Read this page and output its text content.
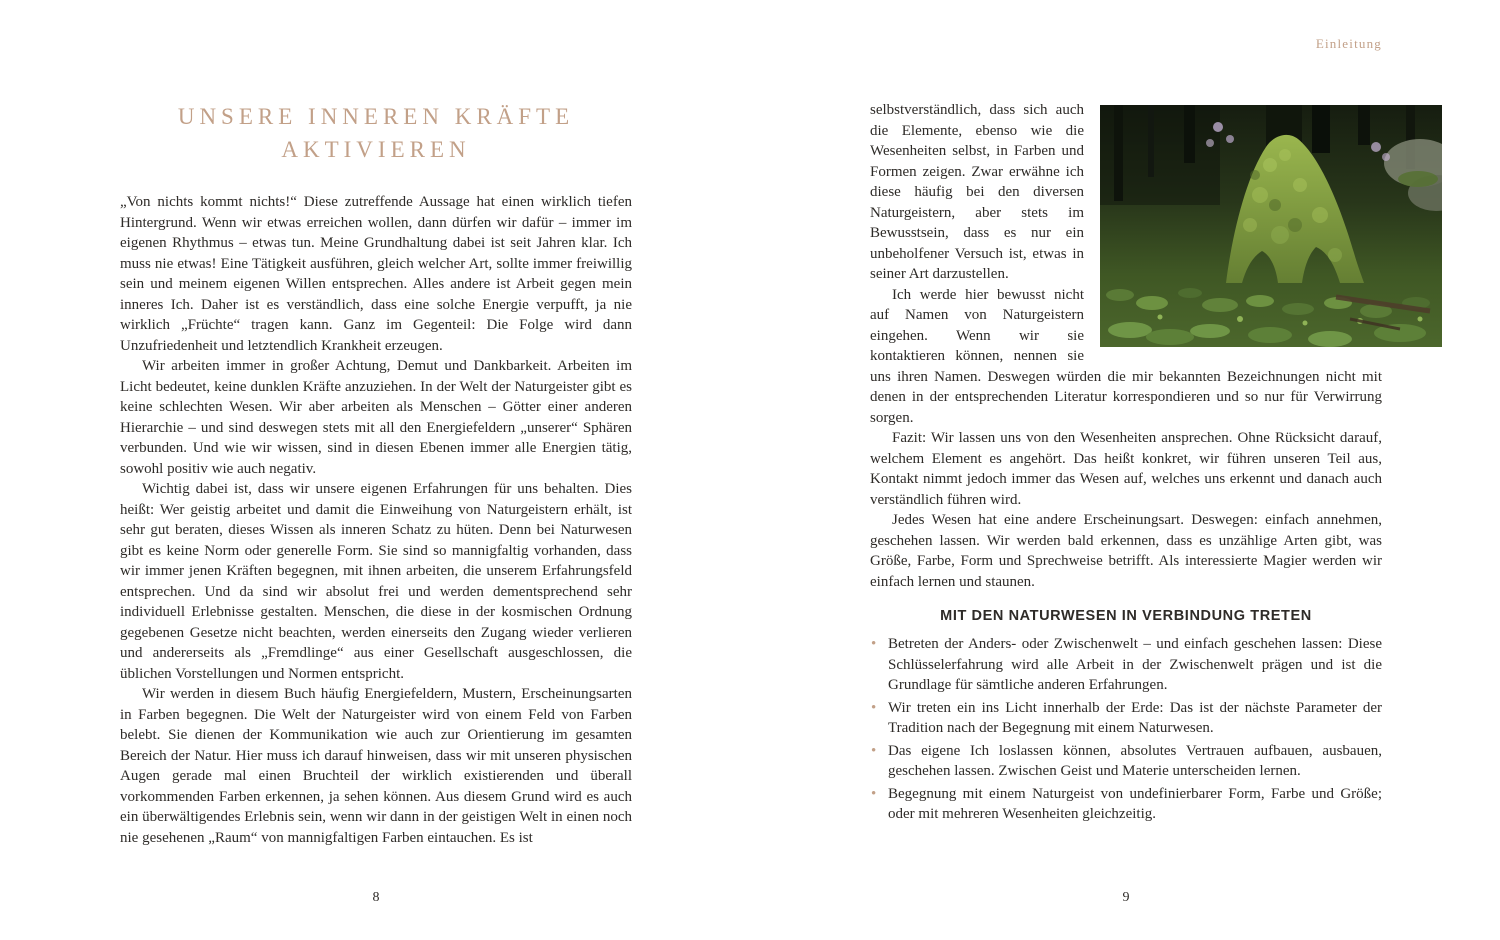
UNSERE INNEREN KRÄFTE
AKTIVIEREN

„Von nichts kommt nichts!“ Diese zutreffende Aussage hat einen wirklich tiefen Hintergrund. Wenn wir etwas erreichen wollen, dann dürfen wir dafür – immer im eigenen Rhythmus – etwas tun. Meine Grundhaltung dabei ist seit Jahren klar. Ich muss nie etwas! Eine Tätigkeit ausführen, gleich welcher Art, sollte immer freiwillig sein und meinem eigenen Willen entsprechen. Alles andere ist Arbeit gegen mein inneres Ich. Daher ist es verständlich, dass eine solche Energie verpufft, ja nie wirklich „Früchte“ tragen kann. Ganz im Gegenteil: Die Folge wird dann Unzufriedenheit und letztendlich Krankheit erzeugen.

Wir arbeiten immer in großer Achtung, Demut und Dankbarkeit. Arbeiten im Licht bedeutet, keine dunklen Kräfte anzuziehen. In der Welt der Naturgeister gibt es keine schlechten Wesen. Wir aber arbeiten als Menschen – Götter einer anderen Hierarchie – und sind deswegen stets mit all den Energiefeldern „unserer“ Sphären verbunden. Und wie wir wissen, sind in diesen Ebenen immer alle Energien tätig, sowohl positiv wie auch negativ.

Wichtig dabei ist, dass wir unsere eigenen Erfahrungen für uns behalten. Dies heißt: Wer geistig arbeitet und damit die Einweihung von Naturgeistern erhält, ist sehr gut beraten, dieses Wissen als inneren Schatz zu hüten. Denn bei Naturwesen gibt es keine Norm oder generelle Form. Sie sind so mannigfaltig vorhanden, dass wir immer jenen Kräften begegnen, mit ihnen arbeiten, die unserem Erfahrungsfeld entsprechen. Und da sind wir absolut frei und werden dementsprechend sehr individuell Erlebnisse gestalten. Menschen, die diese in der kosmischen Ordnung gegebenen Gesetze nicht beachten, werden einerseits den Zugang wieder verlieren und andererseits als „Fremdlinge“ aus einer Gesellschaft ausgeschlossen, die üblichen Vorstellungen und Normen entspricht.

Wir werden in diesem Buch häufig Energiefeldern, Mustern, Erscheinungsarten in Farben begegnen. Die Welt der Naturgeister wird von einem Feld von Farben belebt. Sie dienen der Kommunikation wie auch zur Orientierung im gesamten Bereich der Natur. Hier muss ich darauf hinweisen, dass wir mit unseren physischen Augen gerade mal einen Bruchteil der wirklich existierenden und überall vorkommenden Farben erkennen, ja sehen können. Aus diesem Grund wird es auch ein überwältigendes Erlebnis sein, wenn wir dann in der geistigen Welt in einen noch nie gesehenen „Raum“ von mannigfaltigen Farben eintauchen. Es ist

8
Einleitung

selbstverständlich, dass sich auch die Elemente, ebenso wie die Wesenheiten selbst, in Farben und Formen zeigen. Zwar erwähne ich diese häufig bei den diversen Naturgeistern, aber stets im Bewusstsein, dass es nur ein unbeholfener Versuch ist, etwas in seiner Art darzustellen.

Ich werde hier bewusst nicht auf Namen von Naturgeistern eingehen. Wenn wir sie kontaktieren können, nennen sie uns ihren Namen. Deswegen würden die mir bekannten Bezeichnungen nicht mit denen in der entsprechenden Literatur korrespondieren und so nur für Verwirrung sorgen.

Fazit: Wir lassen uns von den Wesenheiten ansprechen. Ohne Rücksicht darauf, welchem Element es angehört. Das heißt konkret, wir führen unseren Teil aus, Kontakt nimmt jedoch immer das Wesen auf, welches uns erkennt und danach auch verständlich führen wird.

Jedes Wesen hat eine andere Erscheinungsart. Deswegen: einfach annehmen, geschehen lassen. Wir werden bald erkennen, dass es unzählige Arten gibt, was Größe, Farbe, Form und Sprechweise betrifft. Als interessierte Magier werden wir einfach lernen und staunen.

MIT DEN NATURWESEN IN VERBINDUNG TRETEN
• Betreten der Anders- oder Zwischenwelt – und einfach geschehen lassen: Diese Schlüsselerfahrung wird alle Arbeit in der Zwischenwelt prägen und ist die Grundlage für sämtliche anderen Erfahrungen.
• Wir treten ein ins Licht innerhalb der Erde: Das ist der nächste Parameter der Tradition nach der Begegnung mit einem Naturwesen.
• Das eigene Ich loslassen können, absolutes Vertrauen aufbauen, ausbauen, geschehen lassen. Zwischen Geist und Materie unterscheiden lernen.
• Begegnung mit einem Naturgeist von undefinierbarer Form, Farbe und Größe; oder mit mehreren Wesenheiten gleichzeitig.
9
